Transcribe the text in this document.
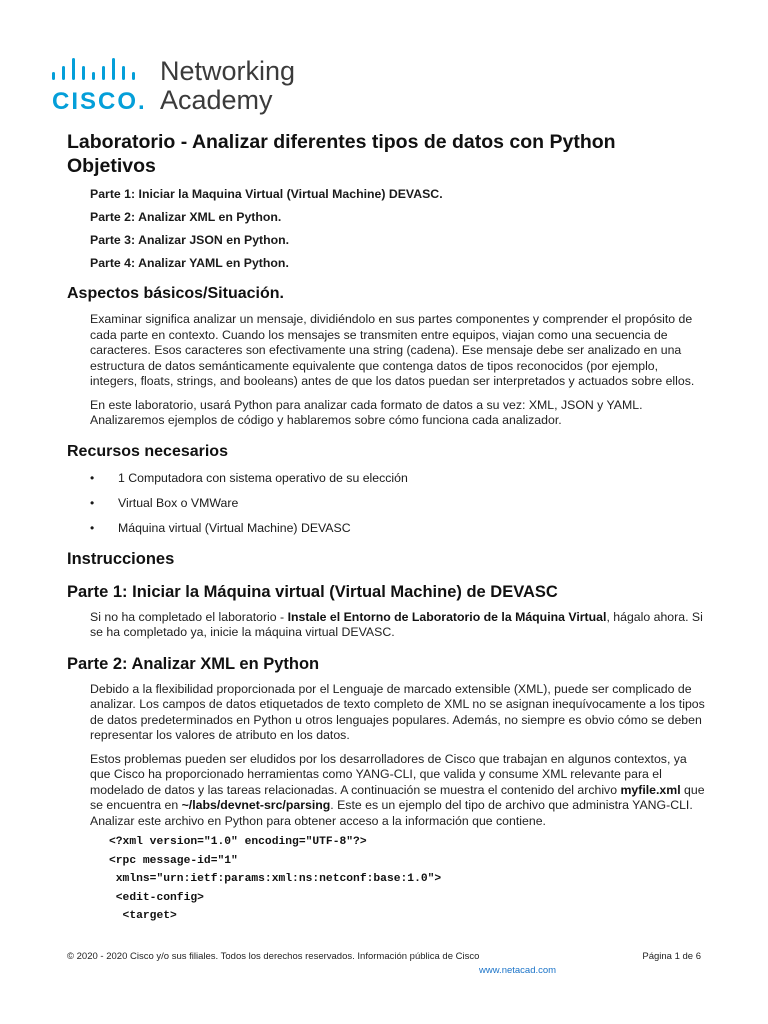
CISCO.
Networking
Academy
Laboratorio - Analizar diferentes tipos de datos con Python
Objetivos

Parte 1: Iniciar la Maquina Virtual (Virtual Machine) DEVASC.

Parte 2: Analizar XML en Python.

Parte 3: Analizar JSON en Python.

Parte 4: Analizar YAML en Python.

Aspectos básicos/Situación.

Examinar significa analizar un mensaje, dividiéndolo en sus partes componentes y comprender el propósito de cada parte en contexto. Cuando los mensajes se transmiten entre equipos, viajan como una secuencia de caracteres. Esos caracteres son efectivamente una string (cadena). Ese mensaje debe ser analizado en una estructura de datos semánticamente equivalente que contenga datos de tipos reconocidos (por ejemplo, integers, floats, strings, and booleans) antes de que los datos puedan ser interpretados y actuados sobre ellos.

En este laboratorio, usará Python para analizar cada formato de datos a su vez: XML, JSON y YAML. Analizaremos ejemplos de código y hablaremos sobre cómo funciona cada analizador.

Recursos necesarios
• 1 Computadora con sistema operativo de su elección
• Virtual Box o VMWare
• Máquina virtual (Virtual Machine) DEVASC
Instrucciones
Parte 1: Iniciar la Máquina virtual (Virtual Machine) de DEVASC

Si no ha completado el laboratorio - Instale el Entorno de Laboratorio de la Máquina Virtual, hágalo ahora. Si se ha completado ya, inicie la máquina virtual DEVASC.

Parte 2: Analizar XML en Python

Debido a la flexibilidad proporcionada por el Lenguaje de marcado extensible (XML), puede ser complicado de analizar. Los campos de datos etiquetados de texto completo de XML no se asignan inequívocamente a los tipos de datos predeterminados en Python u otros lenguajes populares. Además, no siempre es obvio cómo se deben representar los valores de atributo en los datos.

Estos problemas pueden ser eludidos por los desarrolladores de Cisco que trabajan en algunos contextos, ya que Cisco ha proporcionado herramientas como YANG-CLI, que valida y consume XML relevante para el modelado de datos y las tareas relacionadas. A continuación se muestra el contenido del archivo myfile.xml que se encuentra en ~/labs/devnet-src/parsing. Este es un ejemplo del tipo de archivo que administra YANG-CLI. Analizar este archivo en Python para obtener acceso a la información que contiene.

<?xml version="1.0" encoding="UTF-8"?>
<rpc message-id="1"
xmlns="urn:ietf:params:xml:ns:netconf:base:1.0">
<edit-config>
<target>
© 2020 - 2020 Cisco y/o sus filiales. Todos los derechos reservados. Información pública de Cisco	Página 1 de 6
www.netacad.com
